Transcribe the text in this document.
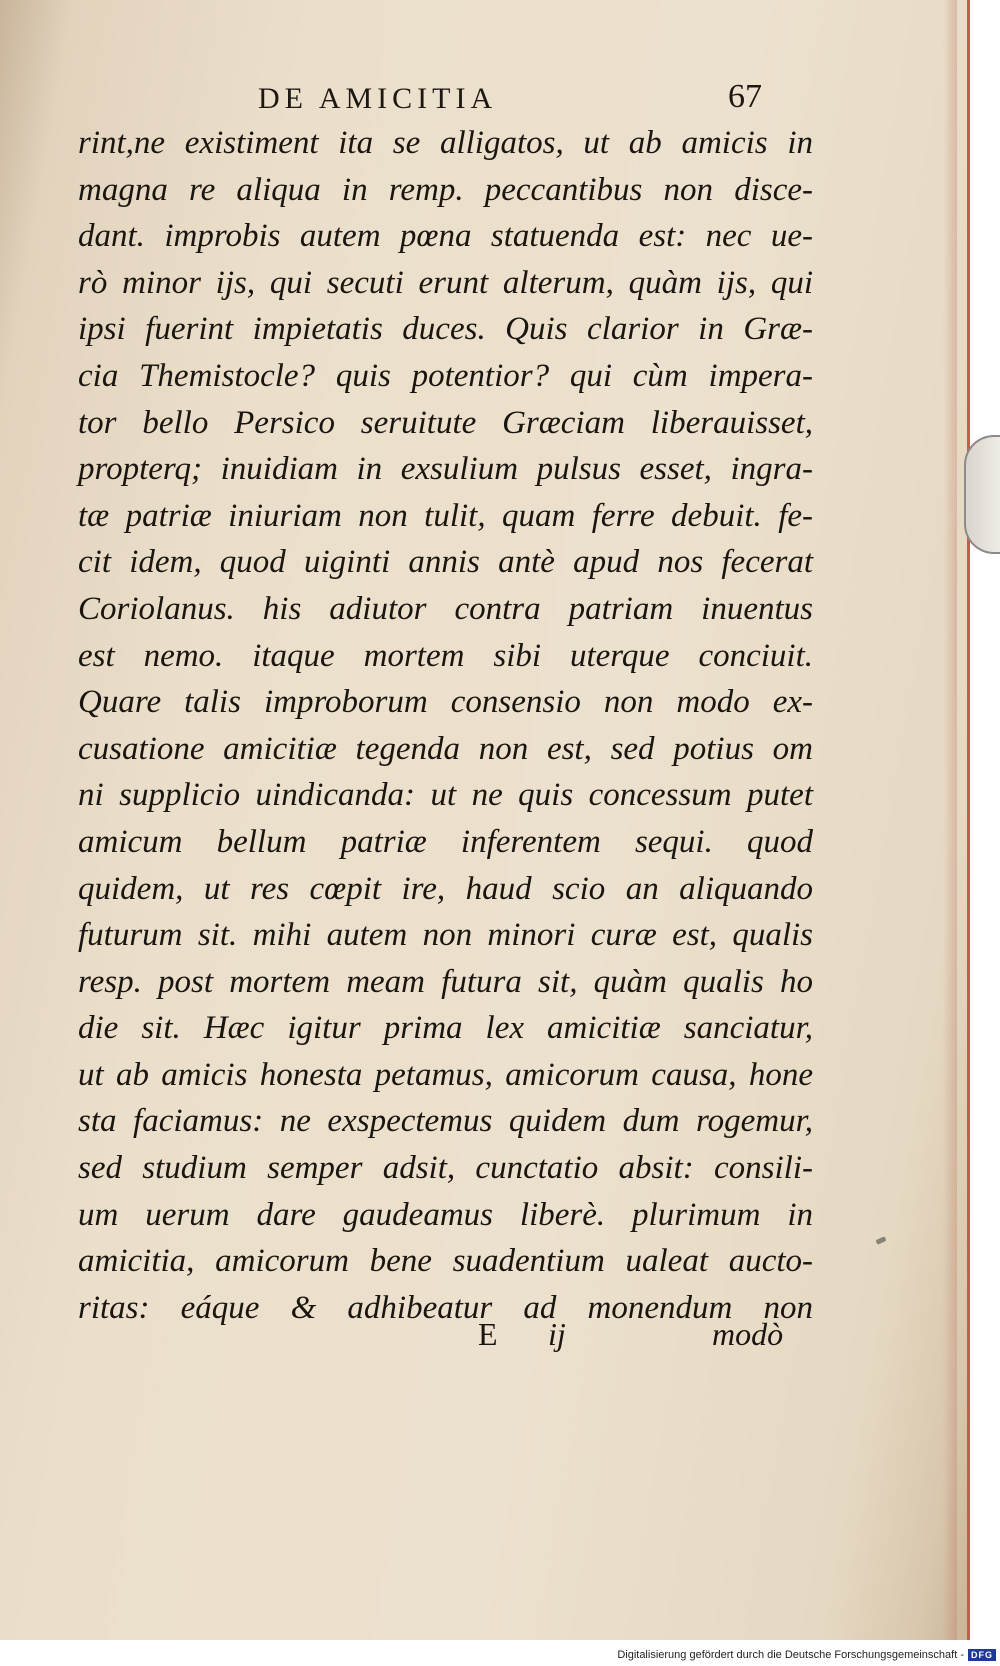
DE AMICITIA	67
rint,ne existiment ita se alligatos, ut ab amicis in
magna re aliqua in remp. peccantibus non disce-
dant. improbis autem pœna statuenda est: nec ue-
rò minor ijs, qui secuti erunt alterum, quàm ijs, qui
ipsi fuerint impietatis duces. Quis clarior in Græ-
cia Themistocle? quis potentior? qui cùm impera-
tor bello Persico seruitute Græciam liberauisset,
propterq; inuidiam in exsulium pulsus esset, ingra-
tæ patriæ iniuriam non tulit, quam ferre debuit. fe-
cit idem, quod uiginti annis antè apud nos fecerat
Coriolanus. his adiutor contra patriam inuentus
est nemo. itaque mortem sibi uterque conciuit.
Quare talis improborum consensio non modo ex-
cusatione amicitiæ tegenda non est, sed potius om
ni supplicio uindicanda: ut ne quis concessum putet
amicum bellum patriæ inferentem sequi. quod
quidem, ut res cœpit ire, haud scio an aliquando
futurum sit. mihi autem non minori curæ est, qualis
resp. post mortem meam futura sit, quàm qualis ho
die sit. Hæc igitur prima lex amicitiæ sanciatur,
ut ab amicis honesta petamus, amicorum causa, hone
sta faciamus: ne exspectemus quidem dum rogemur,
sed studium semper adsit, cunctatio absit: consili-
um uerum dare gaudeamus liberè. plurimum in
amicitia, amicorum bene suadentium ualeat aucto-
ritas: eáque & adhibeatur ad monendum non
E ij	modò
Digitalisierung gefördert durch die Deutsche Forschungsgemeinschaft - DFG
